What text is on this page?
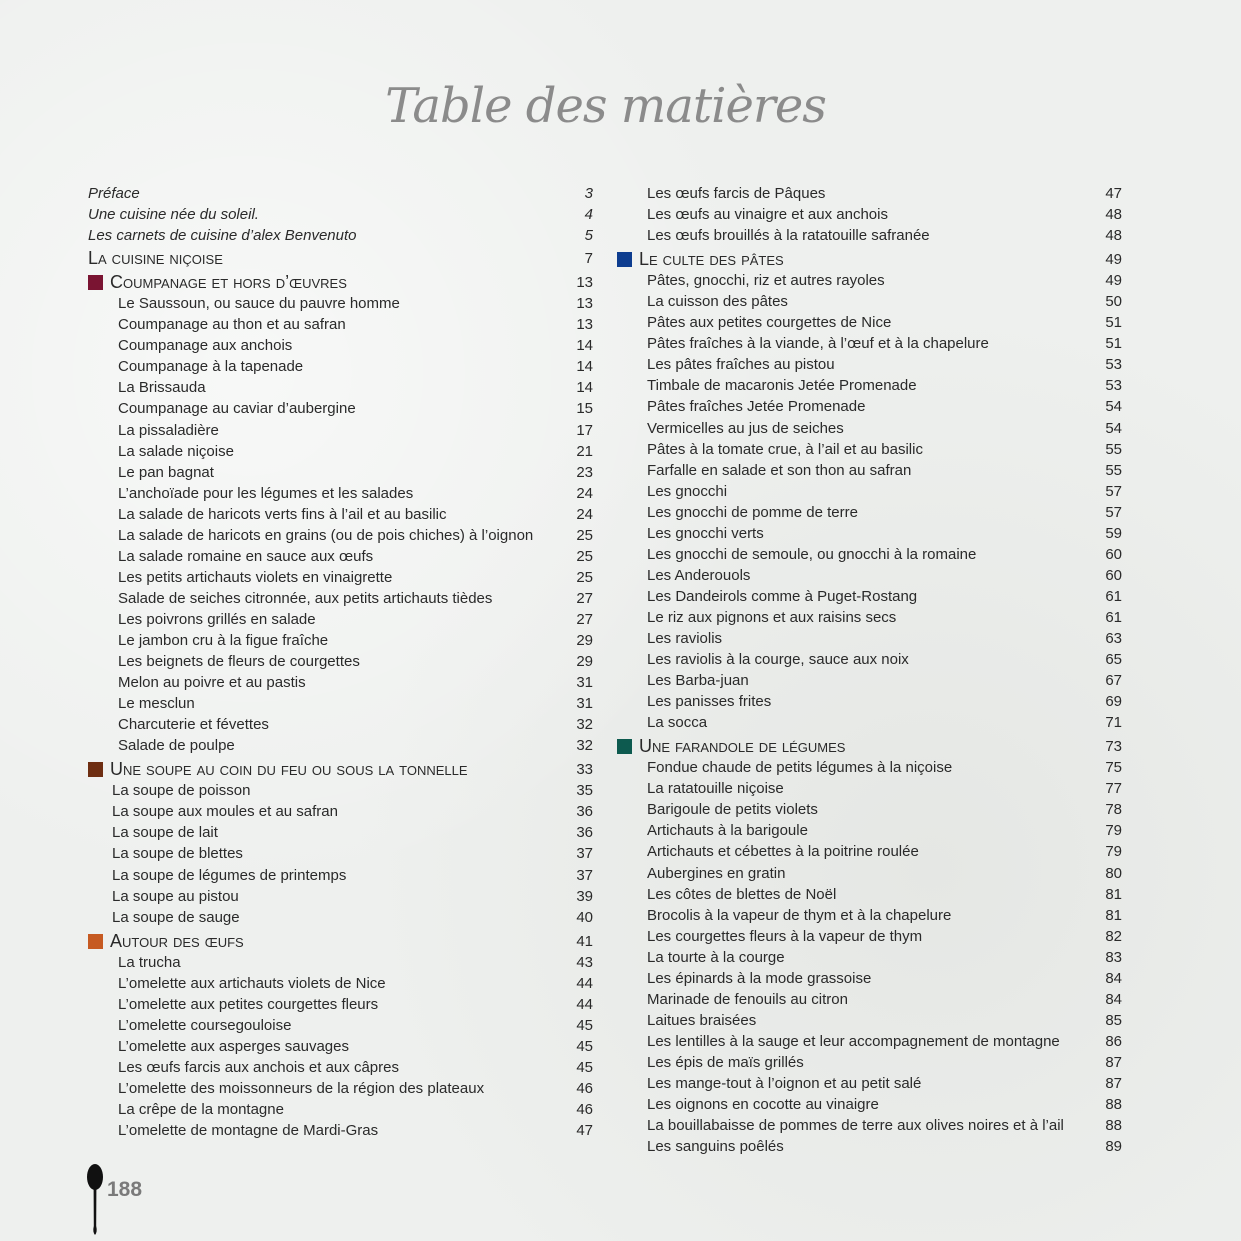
Table des matières
Préface	3
Une cuisine née du soleil.	4
Les carnets de cuisine d’alex Benvenuto	5
La cuisine niçoise	7
Coumpanage et hors d’œuvres	13
Le Saussoun, ou sauce du pauvre homme	13
Coumpanage au thon et au safran	13
Coumpanage aux anchois	14
Coumpanage à la tapenade	14
La Brissauda	14
Coumpanage au caviar d’aubergine	15
La pissaladière	17
La salade niçoise	21
Le pan bagnat	23
L’anchoïade pour les légumes et les salades	24
La salade de haricots verts fins à l’ail et au basilic	24
La salade de haricots en grains (ou de pois chiches) à l’oignon	25
La salade romaine en sauce aux œufs	25
Les petits artichauts violets en vinaigrette	25
Salade de seiches citronnée, aux petits artichauts tièdes	27
Les poivrons grillés en salade	27
Le jambon cru à la figue fraîche	29
Les beignets de fleurs de courgettes	29
Melon au poivre et au pastis	31
Le mesclun	31
Charcuterie et févettes	32
Salade de poulpe	32
Une soupe au coin du feu ou sous la tonnelle	33
La soupe de poisson	35
La soupe aux moules et au safran	36
La soupe de lait	36
La soupe de blettes	37
La soupe de légumes de printemps	37
La soupe au pistou	39
La soupe de sauge	40
Autour des œufs	41
La trucha	43
L’omelette aux artichauts violets de Nice	44
L’omelette aux petites courgettes fleurs	44
L’omelette coursegouloise	45
L’omelette aux asperges sauvages	45
Les œufs farcis aux anchois et aux câpres	45
L’omelette des moissonneurs de la région des plateaux	46
La crêpe de la montagne	46
L’omelette de montagne de Mardi-Gras	47
Les œufs farcis de Pâques	47
Les œufs au vinaigre et aux anchois	48
Les œufs brouillés à la ratatouille safranée	48
Le culte des pâtes	49
Pâtes, gnocchi, riz et autres rayoles	49
La cuisson des pâtes	50
Pâtes aux petites courgettes de Nice	51
Pâtes fraîches à la viande, à l’œuf et à la chapelure	51
Les pâtes fraîches au pistou	53
Timbale de macaronis Jetée Promenade	53
Pâtes fraîches Jetée Promenade	54
Vermicelles au jus de seiches	54
Pâtes à la tomate crue, à l’ail et au basilic	55
Farfalle en salade et son thon au safran	55
Les gnocchi	57
Les gnocchi de pomme de terre	57
Les gnocchi verts	59
Les gnocchi de semoule, ou gnocchi à la romaine	60
Les Anderouols	60
Les Dandeirols comme à Puget-Rostang	61
Le riz aux pignons et aux raisins secs	61
Les raviolis	63
Les raviolis à la courge, sauce aux noix	65
Les Barba-juan	67
Les panisses frites	69
La socca	71
Une farandole de légumes	73
Fondue chaude de petits légumes à la niçoise	75
La ratatouille niçoise	77
Barigoule de petits violets	78
Artichauts à la barigoule	79
Artichauts et cébettes à la poitrine roulée	79
Aubergines en gratin	80
Les côtes de blettes de Noël	81
Brocolis à la vapeur de thym et à la chapelure	81
Les courgettes fleurs à la vapeur de thym	82
La tourte à la courge	83
Les épinards à la mode grassoise	84
Marinade de fenouils au citron	84
Laitues braisées	85
Les lentilles à la sauge et leur accompagnement de montagne	86
Les épis de maïs grillés	87
Les mange-tout à l’oignon et au petit salé	87
Les oignons en cocotte au vinaigre	88
La bouillabaisse de pommes de terre aux olives noires et à l’ail	88
Les sanguins poêlés	89
188
